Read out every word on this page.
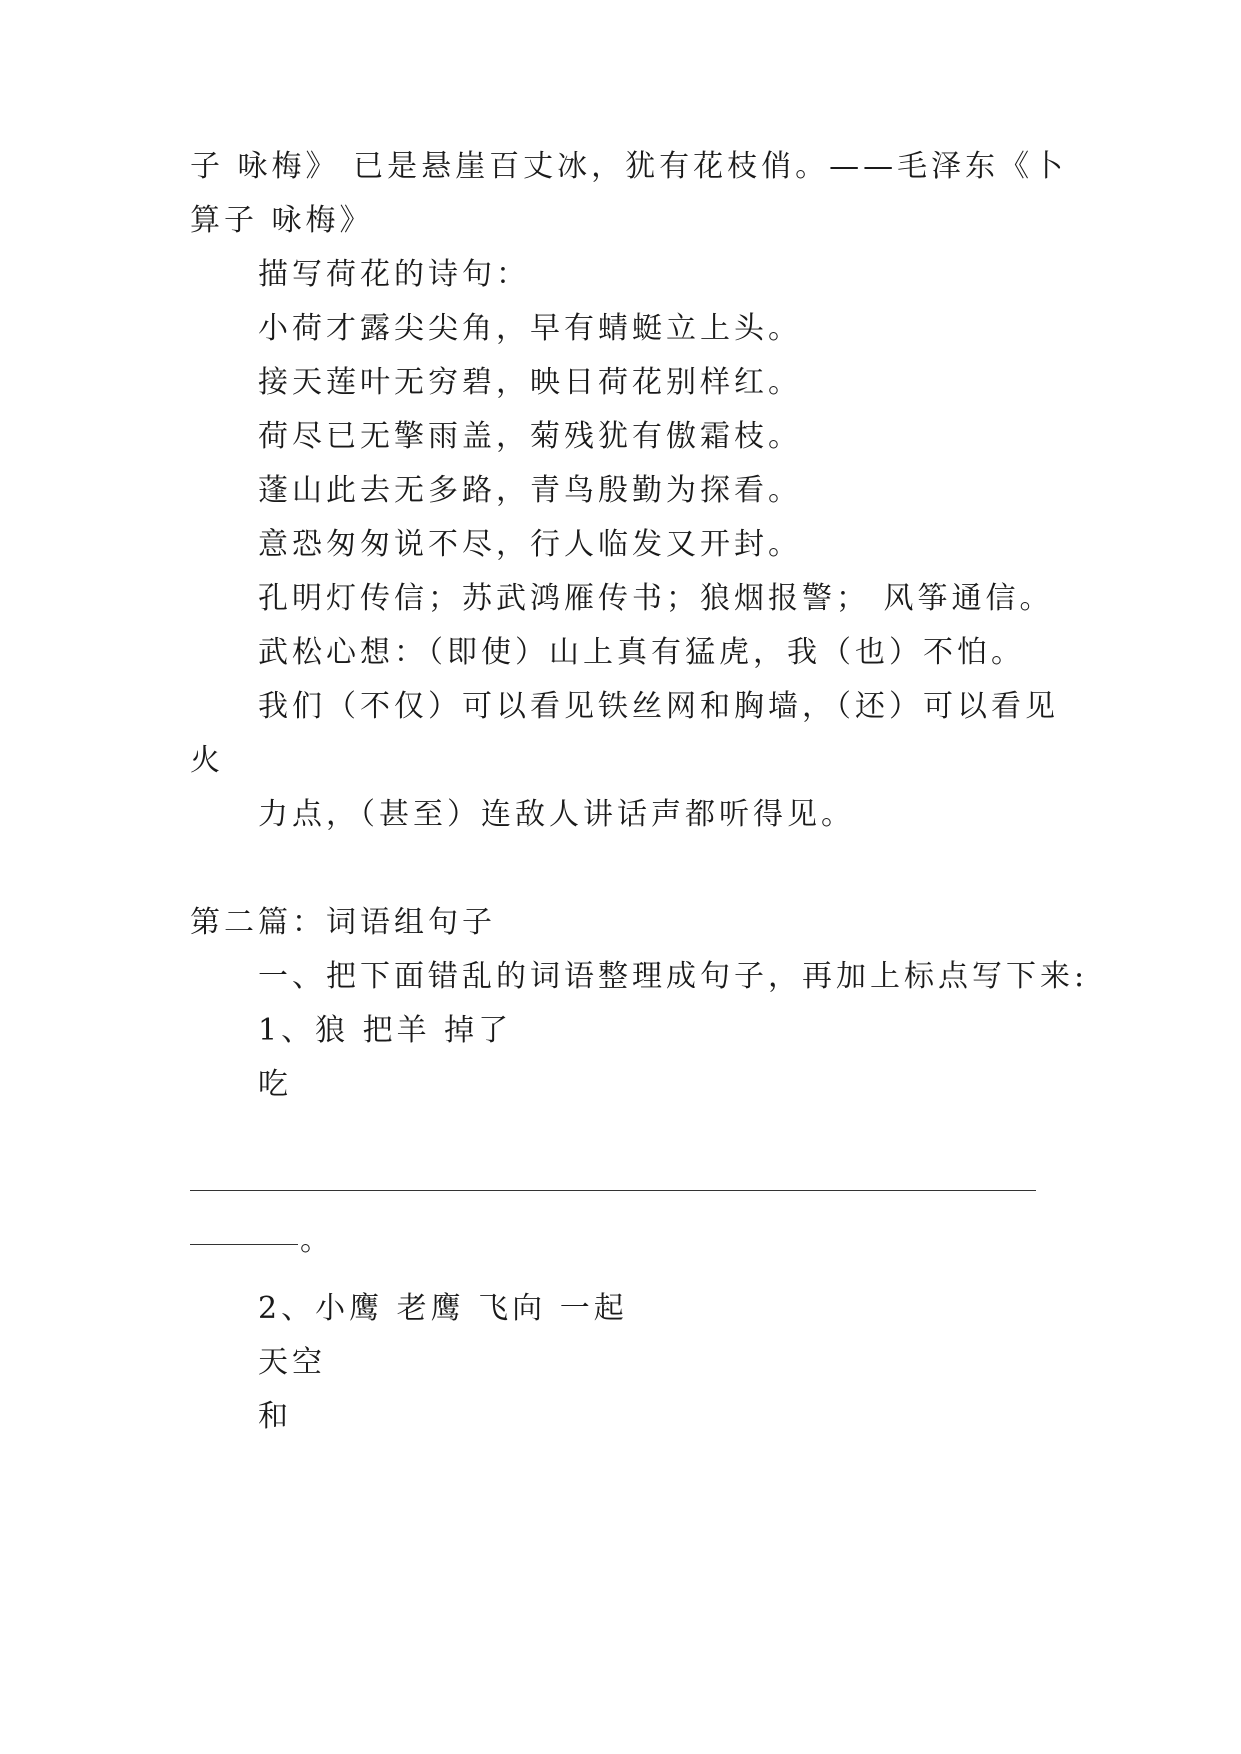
子 咏梅》 已是悬崖百丈冰，犹有花枝俏。——毛泽东《卜
算子 咏梅》
描写荷花的诗句：
小荷才露尖尖角，早有蜻蜓立上头。
接天莲叶无穷碧，映日荷花别样红。
荷尽已无擎雨盖，菊残犹有傲霜枝。
蓬山此去无多路，青鸟殷勤为探看。
意恐匆匆说不尽，行人临发又开封。
孔明灯传信；苏武鸿雁传书；狼烟报警； 风筝通信。
武松心想：（即使）山上真有猛虎，我（也）不怕。
我们（不仅）可以看见铁丝网和胸墙，（还）可以看见
火
力点，（甚至）连敌人讲话声都听得见。
第二篇：词语组句子
一、把下面错乱的词语整理成句子，再加上标点写下来:
1、狼 把羊 掉了
吃
。
2、小鹰 老鹰 飞向 一起
天空
和
